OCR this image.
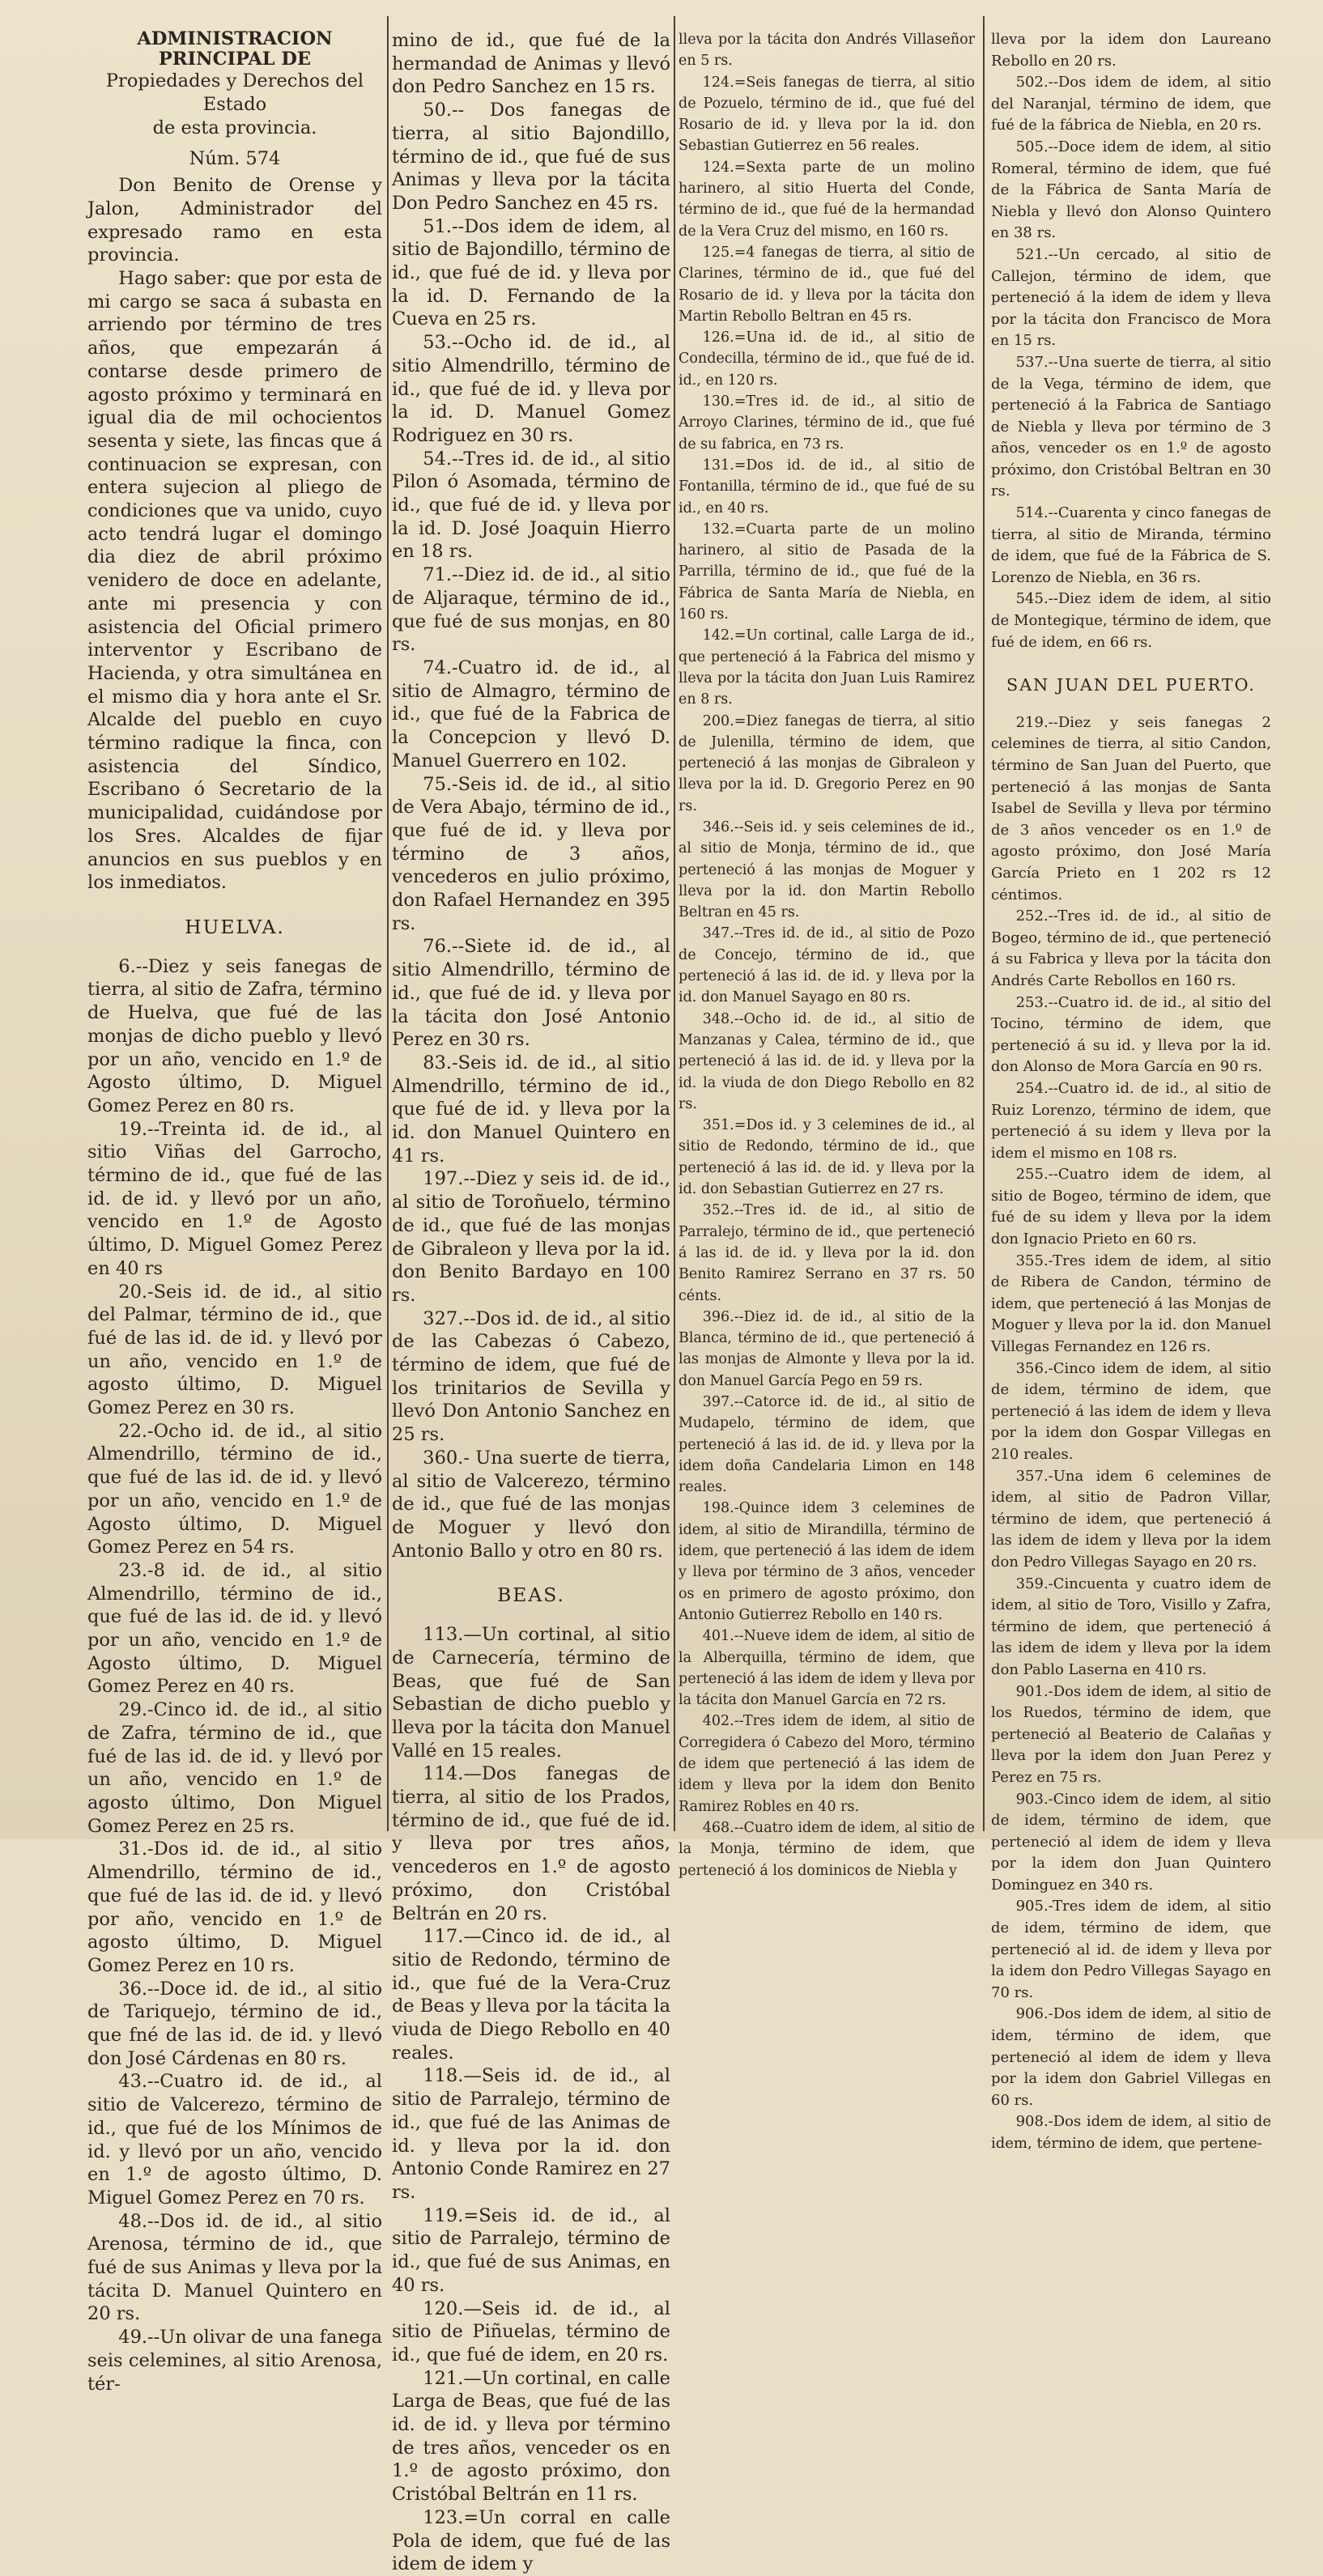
ADMINISTRACION PRINCIPAL DE

Propiedades y Derechos del Estado

de esta provincia.

Núm. 574

Don Benito de Orense y Jalon, Administrador del expresado ramo en esta provincia.

Hago saber: que por esta de mi cargo se saca á subasta en arriendo por término de tres años, que empezarán á contarse desde primero de agosto próximo y terminará en igual dia de mil ochocientos sesenta y siete, las fincas que á continuacion se expresan, con entera sujecion al pliego de condiciones que va unido, cuyo acto tendrá lugar el domingo dia diez de abril próximo venidero de doce en adelante, ante mi presencia y con asistencia del Oficial primero interventor y Escribano de Hacienda, y otra simultánea en el mismo dia y hora ante el Sr. Alcalde del pueblo en cuyo término radique la finca, con asistencia del Síndico, Escribano ó Secretario de la municipalidad, cuidándose por los Sres. Alcaldes de fijar anuncios en sus pueblos y en los inmediatos.

HUELVA.

6.--Diez y seis fanegas de tierra, al sitio de Zafra, término de Huelva, que fué de las monjas de dicho pueblo y llevó por un año, vencido en 1.º de Agosto último, D. Miguel Gomez Perez en 80 rs.

19.--Treinta id. de id., al sitio Viñas del Garrocho, término de id., que fué de las id. de id. y llevó por un año, vencido en 1.º de Agosto último, D. Miguel Gomez Perez en 40 rs

20.-Seis id. de id., al sitio del Palmar, término de id., que fué de las id. de id. y llevó por un año, vencido en 1.º de agosto último, D. Miguel Gomez Perez en 30 rs.

22.-Ocho id. de id., al sitio Almendrillo, término de id., que fué de las id. de id. y llevó por un año, vencido en 1.º de Agosto último, D. Miguel Gomez Perez en 54 rs.

23.-8 id. de id., al sitio Almendrillo, término de id., que fué de las id. de id. y llevó por un año, vencido en 1.º de Agosto último, D. Miguel Gomez Perez en 40 rs.

29.-Cinco id. de id., al sitio de Zafra, término de id., que fué de las id. de id. y llevó por un año, vencido en 1.º de agosto último, Don Miguel Gomez Perez en 25 rs.

31.-Dos id. de id., al sitio Almendrillo, término de id., que fué de las id. de id. y llevó por año, vencido en 1.º de agosto último, D. Miguel Gomez Perez en 10 rs.

36.--Doce id. de id., al sitio de Tariquejo, término de id., que fné de las id. de id. y llevó don José Cárdenas en 80 rs.

43.--Cuatro id. de id., al sitio de Valcerezo, término de id., que fué de los Mínimos de id. y llevó por un año, vencido en 1.º de agosto último, D. Miguel Gomez Perez en 70 rs.

48.--Dos id. de id., al sitio Arenosa, término de id., que fué de sus Animas y lleva por la tácita D. Manuel Quintero en 20 rs.

49.--Un olivar de una fanega seis celemines, al sitio Arenosa, tér-

mino de id., que fué de la hermandad de Animas y llevó don Pedro Sanchez en 15 rs.

50.-- Dos fanegas de tierra, al sitio Bajondillo, término de id., que fué de sus Animas y lleva por la tácita Don Pedro Sanchez en 45 rs.

51.--Dos idem de idem, al sitio de Bajondillo, término de id., que fué de id. y lleva por la id. D. Fernando de la Cueva en 25 rs.

53.--Ocho id. de id., al sitio Almendrillo, término de id., que fué de id. y lleva por la id. D. Manuel Gomez Rodriguez en 30 rs.

54.--Tres id. de id., al sitio Pilon ó Asomada, término de id., que fué de id. y lleva por la id. D. José Joaquin Hierro en 18 rs.

71.--Diez id. de id., al sitio de Aljaraque, término de id., que fué de sus monjas, en 80 rs.

74.-Cuatro id. de id., al sitio de Almagro, término de id., que fué de la Fabrica de la Concepcion y llevó D. Manuel Guerrero en 102.

75.-Seis id. de id., al sitio de Vera Abajo, término de id., que fué de id. y lleva por término de 3 años, vencederos en julio próximo, don Rafael Hernandez en 395 rs.

76.--Siete id. de id., al sitio Almendrillo, término de id., que fué de id. y lleva por la tácita don José Antonio Perez en 30 rs.

83.-Seis id. de id., al sitio Almendrillo, término de id., que fué de id. y lleva por la id. don Manuel Quintero en 41 rs.

197.--Diez y seis id. de id., al sitio de Toroñuelo, término de id., que fué de las monjas de Gibraleon y lleva por la id. don Benito Bardayo en 100 rs.

327.--Dos id. de id., al sitio de las Cabezas ó Cabezo, término de idem, que fué de los trinitarios de Sevilla y llevó Don Antonio Sanchez en 25 rs.

360.- Una suerte de tierra, al sitio de Valcerezo, término de id., que fué de las monjas de Moguer y llevó don Antonio Ballo y otro en 80 rs.

BEAS.

113.—Un cortinal, al sitio de Carnecería, término de Beas, que fué de San Sebastian de dicho pueblo y lleva por la tácita don Manuel Vallé en 15 reales.

114.—Dos fanegas de tierra, al sitio de los Prados, término de id., que fué de id. y lleva por tres años, vencederos en 1.º de agosto próximo, don Cristóbal Beltrán en 20 rs.

117.—Cinco id. de id., al sitio de Redondo, término de id., que fué de la Vera-Cruz de Beas y lleva por la tácita la viuda de Diego Rebollo en 40 reales.

118.—Seis id. de id., al sitio de Parralejo, término de id., que fué de las Animas de id. y lleva por la id. don Antonio Conde Ramirez en 27 rs.

119.=Seis id. de id., al sitio de Parralejo, término de id., que fué de sus Animas, en 40 rs.

120.—Seis id. de id., al sitio de Piñuelas, término de id., que fué de idem, en 20 rs.

121.—Un cortinal, en calle Larga de Beas, que fué de las id. de id. y lleva por término de tres años, venceder os en 1.º de agosto próximo, don Cristóbal Beltrán en 11 rs.

123.=Un corral en calle Pola de idem, que fué de las idem de idem y

lleva por la tácita don Andrés Villaseñor en 5 rs.

124.=Seis fanegas de tierra, al sitio de Pozuelo, término de id., que fué del Rosario de id. y lleva por la id. don Sebastian Gutierrez en 56 reales.

124.=Sexta parte de un molino harinero, al sitio Huerta del Conde, término de id., que fué de la hermandad de la Vera Cruz del mismo, en 160 rs.

125.=4 fanegas de tierra, al sitio de Clarines, término de id., que fué del Rosario de id. y lleva por la tácita don Martin Rebollo Beltran en 45 rs.

126.=Una id. de id., al sitio de Condecilla, término de id., que fué de id. id., en 120 rs.

130.=Tres id. de id., al sitio de Arroyo Clarines, término de id., que fué de su fabrica, en 73 rs.

131.=Dos id. de id., al sitio de Fontanilla, término de id., que fué de su id., en 40 rs.

132.=Cuarta parte de un molino harinero, al sitio de Pasada de la Parrilla, término de id., que fué de la Fábrica de Santa María de Niebla, en 160 rs.

142.=Un cortinal, calle Larga de id., que perteneció á la Fabrica del mismo y lleva por la tácita don Juan Luis Ramirez en 8 rs.

200.=Diez fanegas de tierra, al sitio de Julenilla, término de idem, que perteneció á las monjas de Gibraleon y lleva por la id. D. Gregorio Perez en 90 rs.

346.--Seis id. y seis celemines de id., al sitio de Monja, término de id., que perteneció á las monjas de Moguer y lleva por la id. don Martin Rebollo Beltran en 45 rs.

347.--Tres id. de id., al sitio de Pozo de Concejo, término de id., que perteneció á las id. de id. y lleva por la id. don Manuel Sayago en 80 rs.

348.--Ocho id. de id., al sitio de Manzanas y Calea, término de id., que perteneció á las id. de id. y lleva por la id. la viuda de don Diego Rebollo en 82 rs.

351.=Dos id. y 3 celemines de id., al sitio de Redondo, término de id., que perteneció á las id. de id. y lleva por la id. don Sebastian Gutierrez en 27 rs.

352.--Tres id. de id., al sitio de Parralejo, término de id., que perteneció á las id. de id. y lleva por la id. don Benito Ramirez Serrano en 37 rs. 50 cénts.

396.--Diez id. de id., al sitio de la Blanca, término de id., que perteneció á las monjas de Almonte y lleva por la id. don Manuel García Pego en 59 rs.

397.--Catorce id. de id., al sitio de Mudapelo, término de idem, que perteneció á las id. de id. y lleva por la idem doña Candelaria Limon en 148 reales.

198.-Quince idem 3 celemines de idem, al sitio de Mirandilla, término de idem, que perteneció á las idem de idem y lleva por término de 3 años, venceder os en primero de agosto próximo, don Antonio Gutierrez Rebollo en 140 rs.

401.--Nueve idem de idem, al sitio de la Alberquilla, término de idem, que perteneció á las idem de idem y lleva por la tácita don Manuel García en 72 rs.

402.--Tres idem de idem, al sitio de Corregidera ó Cabezo del Moro, término de idem que perteneció á las idem de idem y lleva por la idem don Benito Ramirez Robles en 40 rs.

468.--Cuatro idem de idem, al sitio de la Monja, término de idem, que perteneció á los dominicos de Niebla y

lleva por la idem don Laureano Rebollo en 20 rs.

502.--Dos idem de idem, al sitio del Naranjal, término de idem, que fué de la fábrica de Niebla, en 20 rs.

505.--Doce idem de idem, al sitio Romeral, término de idem, que fué de la Fábrica de Santa María de Niebla y llevó don Alonso Quintero en 38 rs.

521.--Un cercado, al sitio de Callejon, término de idem, que perteneció á la idem de idem y lleva por la tácita don Francisco de Mora en 15 rs.

537.--Una suerte de tierra, al sitio de la Vega, término de idem, que perteneció á la Fabrica de Santiago de Niebla y lleva por término de 3 años, venceder os en 1.º de agosto próximo, don Cristóbal Beltran en 30 rs.

514.--Cuarenta y cinco fanegas de tierra, al sitio de Miranda, término de idem, que fué de la Fábrica de S. Lorenzo de Niebla, en 36 rs.

545.--Diez idem de idem, al sitio de Montegique, término de idem, que fué de idem, en 66 rs.

SAN JUAN DEL PUERTO.

219.--Diez y seis fanegas 2 celemines de tierra, al sitio Candon, término de San Juan del Puerto, que perteneció á las monjas de Santa Isabel de Sevilla y lleva por término de 3 años venceder os en 1.º de agosto próximo, don José María García Prieto en 1 202 rs 12 céntimos.

252.--Tres id. de id., al sitio de Bogeo, término de id., que perteneció á su Fabrica y lleva por la tácita don Andrés Carte Rebollos en 160 rs.

253.--Cuatro id. de id., al sitio del Tocino, término de idem, que perteneció á su id. y lleva por la id. don Alonso de Mora García en 90 rs.

254.--Cuatro id. de id., al sitio de Ruiz Lorenzo, término de idem, que perteneció á su idem y lleva por la idem el mismo en 108 rs.

255.--Cuatro idem de idem, al sitio de Bogeo, término de idem, que fué de su idem y lleva por la idem don Ignacio Prieto en 60 rs.

355.-Tres idem de idem, al sitio de Ribera de Candon, término de idem, que perteneció á las Monjas de Moguer y lleva por la id. don Manuel Villegas Fernandez en 126 rs.

356.-Cinco idem de idem, al sitio de idem, término de idem, que perteneció á las idem de idem y lleva por la idem don Gospar Villegas en 210 reales.

357.-Una idem 6 celemines de idem, al sitio de Padron Villar, término de idem, que perteneció á las idem de idem y lleva por la idem don Pedro Villegas Sayago en 20 rs.

359.-Cincuenta y cuatro idem de idem, al sitio de Toro, Visillo y Zafra, término de idem, que perteneció á las idem de idem y lleva por la idem don Pablo Laserna en 410 rs.

901.-Dos idem de idem, al sitio de los Ruedos, término de idem, que perteneció al Beaterio de Calañas y lleva por la idem don Juan Perez y Perez en 75 rs.

903.-Cinco idem de idem, al sitio de idem, término de idem, que perteneció al idem de idem y lleva por la idem don Juan Quintero Dominguez en 340 rs.

905.-Tres idem de idem, al sitio de idem, término de idem, que perteneció al id. de idem y lleva por la idem don Pedro Villegas Sayago en 70 rs.

906.-Dos idem de idem, al sitio de idem, término de idem, que perteneció al idem de idem y lleva por la idem don Gabriel Villegas en 60 rs.

908.-Dos idem de idem, al sitio de idem, término de idem, que pertene-
